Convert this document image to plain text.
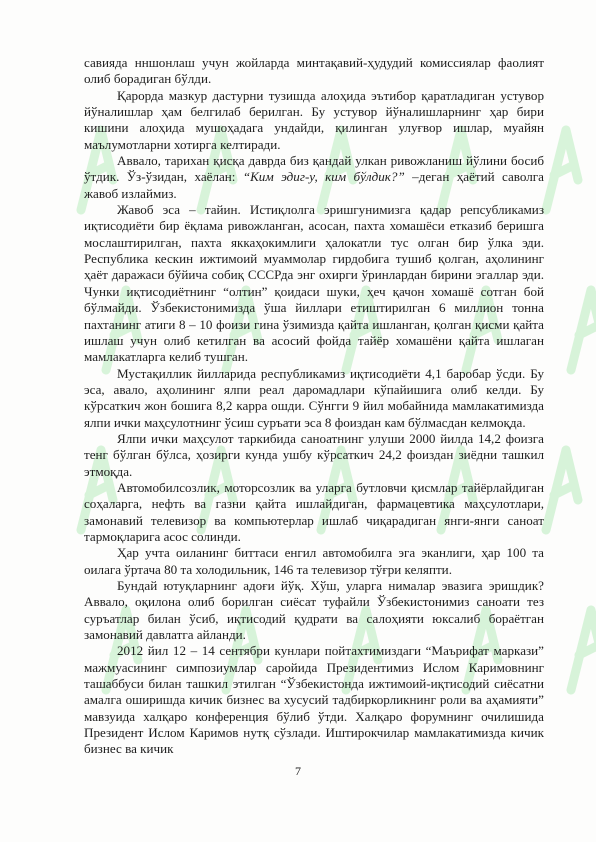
савияда нншонлаш учун жойларда минтақавий-ҳудудий комиссиялар фаолият олиб борадиган бўлди.

Қарорда мазкур дастурни тузишда алоҳида эътибор қаратладиган устувор йўналишлар ҳам белгилаб берилган. Бу устувор йўналишларнинг ҳар бири кишини алоҳида мушоҳадага ундайди, қилинган улуғвор ишлар, муайян маълумотларни хотирга келтиради.

Аввало, тарихан қисқа даврда биз қандай улкан ривожланиш йўлини босиб ўтдик. Ўз-ўзидан, хаёлан: “Ким эдиг-у, ким бўлдик?” –деган ҳаётий саволга жавоб излаймиз.

Жавоб эса – тайин. Истиқлолга эришгунимизга қадар репсубликамиз иқтисодиёти бир ёқлама ривожланган, асосан, пахта хомашёси етказиб беришга мослаштирилган, пахта яккаҳокимлиги ҳалокатли тус олган бир ўлка эди. Республика кескин ижтимоий муаммолар гирдобига тушиб қолган, аҳолининг ҳаёт даражаси бўйича собиқ СССРда энг охирги ўринлардан бирини эгаллар эди. Чунки иқтисодиётнинг “олтин” қоидаси шуки, ҳеч қачон хомашё сотган бой бўлмайди. Ўзбекистонимизда ўша йиллари етиштирилган 6 миллион тонна пахтанинг атиги 8 – 10 фоизи гина ўзимизда қайта ишланган, қолган қисми қайта ишлаш учун олиб кетилган ва асосий фойда тайёр хомашёни қайта ишлаган мамлакатларга келиб тушган.

Мустақиллик йилларида республикамиз иқтисодиёти 4,1 баробар ўсди. Бу эса, авало, аҳолининг ялпи реал даромадлари кўпайишига олиб келди. Бу кўрсаткич жон бошига 8,2 карра ошди. Сўнгги 9 йил мобайнида мамлакатимизда ялпи ички маҳсулотнинг ўсиш суръати эса 8 фоиздан кам бўлмасдан келмоқда.

Ялпи ички маҳсулот таркибида саноатнинг улуши 2000 йилда 14,2 фоизга тенг бўлган бўлса, ҳозирги кунда ушбу кўрсаткич 24,2 фоиздан зиёдни ташкил этмоқда.

Автомобилсозлик, моторсозлик ва уларга бутловчи қисмлар тайёрлайдиган соҳаларга, нефть ва газни қайта ишлайдиган, фармацевтика маҳсулотлари, замонавий телевизор ва компьютерлар ишлаб чиқарадиган янги-янги саноат тармоқларига асос солинди.

Ҳар учта оиланинг биттаси енгил автомобилга эга эканлиги, ҳар 100 та оилага ўртача 80 та холодильник, 146 та телевизор тўғри келяпти.

Бундай ютуқларнинг адоғи йўқ. Хўш, уларга нималар эвазига эришдик? Аввало, оқилона олиб борилган сиёсат туфайли Ўзбекистонимиз саноати тез суръатлар билан ўсиб, иқтисодий қудрати ва салоҳияти юксалиб бораётган замонавий давлатга айланди.

2012 йил 12 – 14 сентябри кунлари пойтахтимиздаги “Маърифат маркази” мажмуасининг симпозиумлар саройида Президентимиз Ислом Каримовнинг ташаббуси билан ташкил этилган “Ўзбекистонда ижтимоий-иқтисодий сиёсатни амалга оширишда кичик бизнес ва хусусий тадбиркорликнинг роли ва аҳамияти” мавзуида халқаро конференция бўлиб ўтди. Халқаро форумнинг очилишида Президент Ислом Каримов нутқ сўзлади. Иштирокчилар мамлакатимизда кичик бизнес ва кичик

7
